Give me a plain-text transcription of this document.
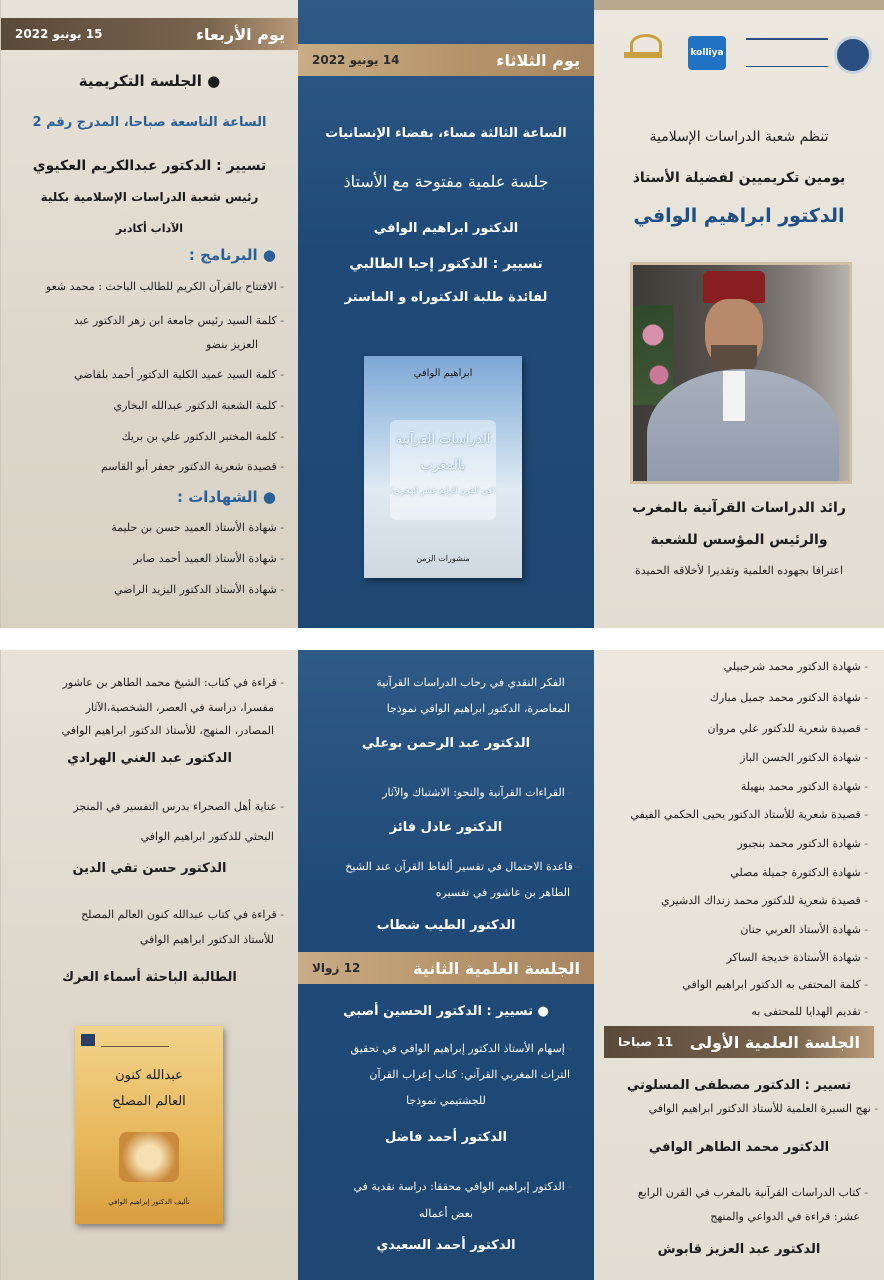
يوم الأربعاء
15 يونيو 2022
● الجلسة التكريمية
الساعة التاسعة صباحا، المدرج رقم 2
تسيير : الدكتور عبدالكريم العكيوي
رئيس شعبة الدراسات الإسلامية بكلية
الآداب أكادير
● البرنامج :
- الافتتاح بالقرآن الكريم للطالب الباحث : محمد شعو
- كلمة السيد رئيس جامعة ابن زهر الدكتور عبد
العزيز بنضو
- كلمة السيد عميد الكلية الدكتور أحمد بلقاضي
- كلمة الشعبة الدكتور عبدالله البخاري
- كلمة المختبر الدكتور علي بن بريك
- قصيدة شعرية الدكتور جعفر أبو القاسم
● الشهادات :
- شهادة الأستاذ العميد حسن بن حليمة
- شهادة الأستاذ العميد أحمد صابر
- شهادة الأستاذ الدكتور اليزيد الراضي
يوم الثلاثاء
14 يونيو 2022
الساعة الثالثة مساء، بفضاء الإنسانيات
جلسة علمية مفتوحة مع الأستاذ
الدكتور ابراهيم الوافي
تسيير : الدكتور إحيا الطالبي
لفائدة طلبة الدكتوراه و الماستر
ابراهيم الوافي
الدراسات القرآنية
بالمغرب
(في القرن الرابع عشر الهجري)
منشورات الزمن
kolliya
تنظم شعبة الدراسات الإسلامية
يومين تكريميين لفضيلة الأستاذ
الدكتور ابراهيم الوافي
رائد الدراسات القرآنية بالمغرب
والرئيس المؤسس للشعبة
اعترافا بجهوده العلمية وتقديرا لأخلاقه الحميدة
- قراءة في كتاب: الشيخ محمد الطاهر بن عاشور
مفسرا، دراسة في العصر، الشخصية،الآثار
المصادر، المنهج، للأستاذ الدكتور ابراهيم الوافي
الدكتور عبد الغني الهرادي
- عناية أهل الصحراء بدرس التفسير في المنجز
البحثي للدكتور ابراهيم الوافي
الدكتور حسن تقي الدين
- قراءة في كتاب عبدالله كنون العالم المصلح
للأستاذ الدكتور ابراهيم الوافي
الطالبة الباحثة أسماء العرك
عبدالله كنون
العالم المصلح
تأليف الدكتور إبراهيم الوافي
- الفكر النقدي في رحاب الدراسات القرآنية
المعاصرة، الدكتور ابراهيم الوافي نموذجا
الدكتور عبد الرحمن بوعلي
- القراءات القرآنية والنحو: الاشتباك والآثار
الدكتور عادل فائز
- قاعدة الاحتمال في تفسير ألفاظ القرآن عند الشيخ
الطاهر بن عاشور في تفسيره
الدكتور الطيب شطاب
الجلسة العلمية الثانية
12 زوالا
● تسيير : الدكتور الحسين أصبي
- إسهام الأستاذ الدكتور إبراهيم الوافي في تحقيق
التراث المغربي القرآني: كتاب إعراب القرآن
للجشتيمي نموذجا
الدكتور أحمد فاضل
- الدكتور إبراهيم الوافي محققا: دراسة نقدية في
بعض أعماله
الدكتور أحمد السعيدي
- شهادة الدكتور محمد شرحبيلي
- شهادة الدكتور محمد جميل مبارك
- قصيدة شعرية للدكتور علي مروان
- شهادة الدكتور الحسن الباز
- شهادة الدكتور محمد بنهيلة
- قصيدة شعرية للأستاذ الدكتور يحيى الحكمي الفيفي
- شهادة الدكتور محمد بنجبور
- شهادة الدكتورة جميلة مصلي
- قصيدة شعرية للدكتور محمد زنداك الدشيري
- شهادة الأستاذ العربي جنان
- شهادة الأستاذة خديجة الساكر
- كلمة المحتفى به الدكتور ابراهيم الوافي
- تقديم الهدايا للمحتفى به
الجلسة العلمية الأولى
11 صباحا
تسيير : الدكتور مصطفى المسلوتي
- نهج السيرة العلمية للأستاذ الدكتور ابراهيم الوافي
الدكتور محمد الطاهر الوافي
- كتاب الدراسات القرآنية بالمغرب في القرن الرابع
عشر: قراءة في الدواعي والمنهج
الدكتور عبد العزيز قابوش
